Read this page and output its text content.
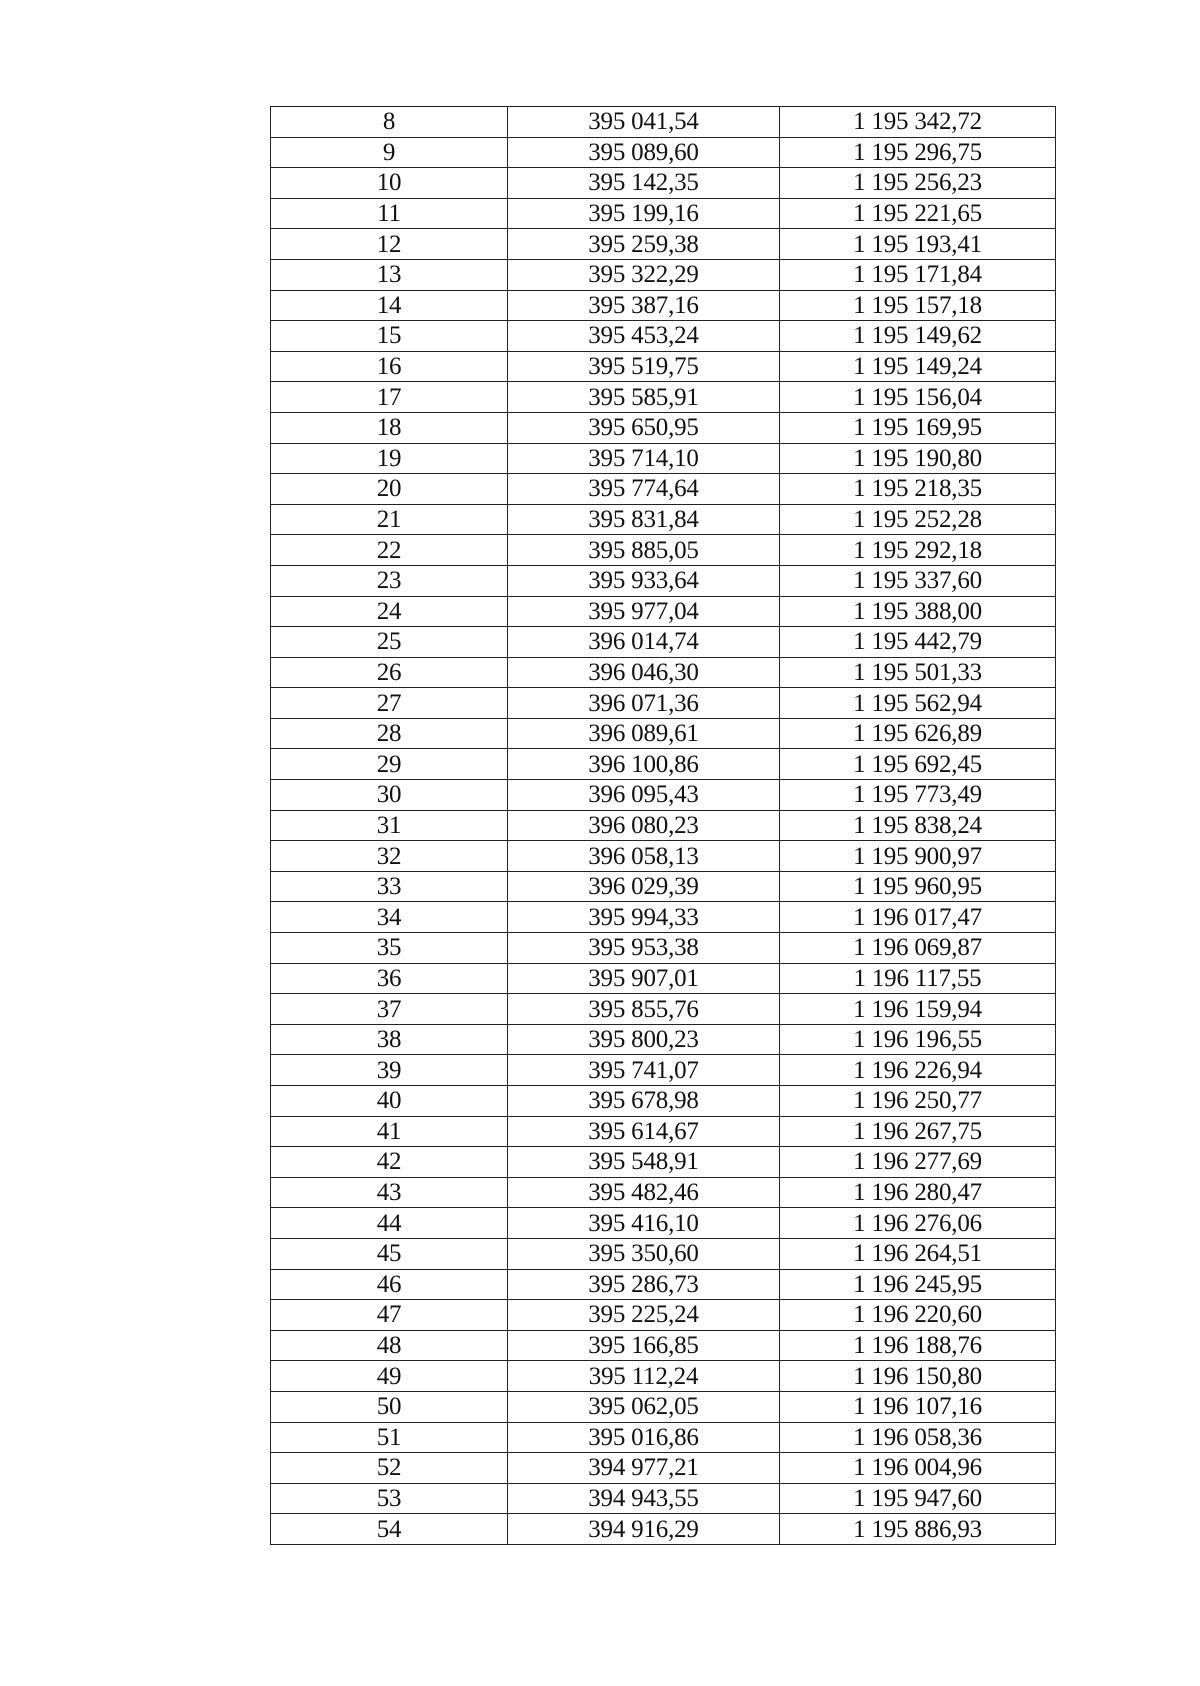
8	395 041,54	1 195 342,72
9	395 089,60	1 195 296,75
10	395 142,35	1 195 256,23
11	395 199,16	1 195 221,65
12	395 259,38	1 195 193,41
13	395 322,29	1 195 171,84
14	395 387,16	1 195 157,18
15	395 453,24	1 195 149,62
16	395 519,75	1 195 149,24
17	395 585,91	1 195 156,04
18	395 650,95	1 195 169,95
19	395 714,10	1 195 190,80
20	395 774,64	1 195 218,35
21	395 831,84	1 195 252,28
22	395 885,05	1 195 292,18
23	395 933,64	1 195 337,60
24	395 977,04	1 195 388,00
25	396 014,74	1 195 442,79
26	396 046,30	1 195 501,33
27	396 071,36	1 195 562,94
28	396 089,61	1 195 626,89
29	396 100,86	1 195 692,45
30	396 095,43	1 195 773,49
31	396 080,23	1 195 838,24
32	396 058,13	1 195 900,97
33	396 029,39	1 195 960,95
34	395 994,33	1 196 017,47
35	395 953,38	1 196 069,87
36	395 907,01	1 196 117,55
37	395 855,76	1 196 159,94
38	395 800,23	1 196 196,55
39	395 741,07	1 196 226,94
40	395 678,98	1 196 250,77
41	395 614,67	1 196 267,75
42	395 548,91	1 196 277,69
43	395 482,46	1 196 280,47
44	395 416,10	1 196 276,06
45	395 350,60	1 196 264,51
46	395 286,73	1 196 245,95
47	395 225,24	1 196 220,60
48	395 166,85	1 196 188,76
49	395 112,24	1 196 150,80
50	395 062,05	1 196 107,16
51	395 016,86	1 196 058,36
52	394 977,21	1 196 004,96
53	394 943,55	1 195 947,60
54	394 916,29	1 195 886,93
